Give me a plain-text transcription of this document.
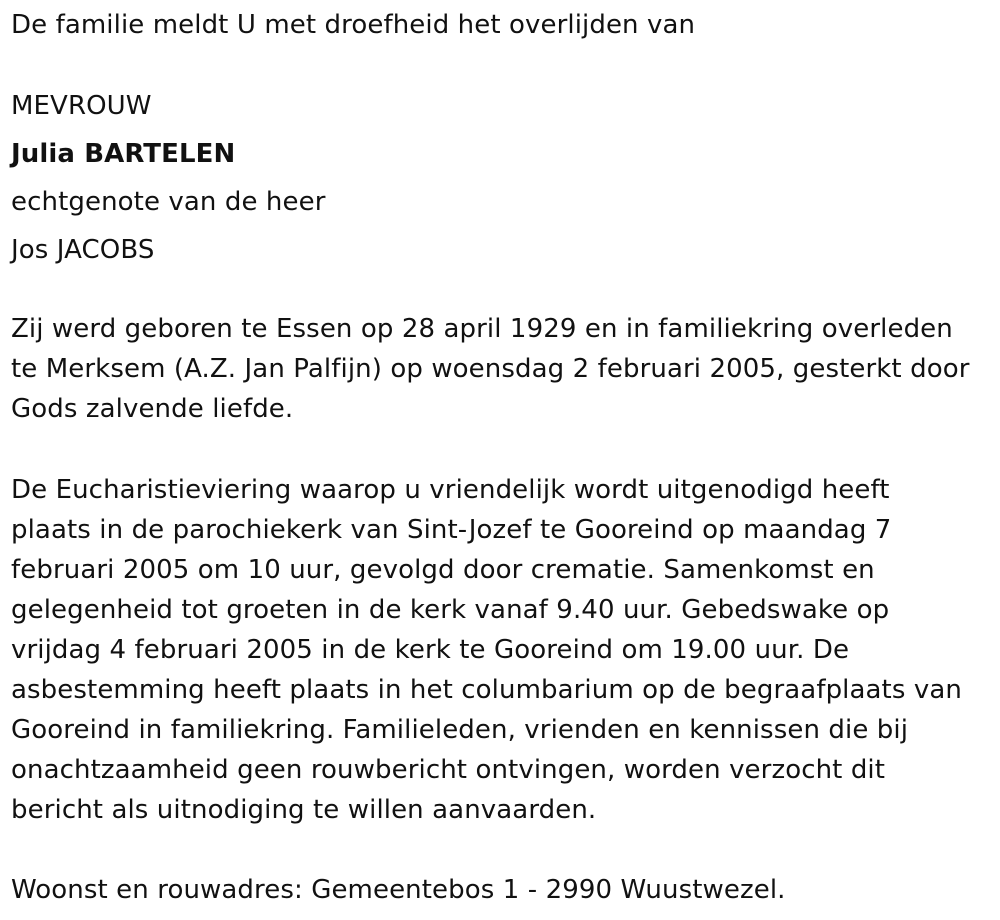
De familie meldt U met droefheid het overlijden van
MEVROUW
Julia BARTELEN
echtgenote van de heer
Jos JACOBS
Zij werd geboren te Essen op 28 april 1929 en in familiekring overleden
te Merksem (A.Z. Jan Palfijn) op woensdag 2 februari 2005, gesterkt door
Gods zalvende liefde.
De Eucharistieviering waarop u vriendelijk wordt uitgenodigd heeft
plaats in de parochiekerk van Sint-Jozef te Gooreind op maandag 7
februari 2005 om 10 uur, gevolgd door crematie. Samenkomst en
gelegenheid tot groeten in de kerk vanaf 9.40 uur. Gebedswake op
vrijdag 4 februari 2005 in de kerk te Gooreind om 19.00 uur. De
asbestemming heeft plaats in het columbarium op de begraafplaats van
Gooreind in familiekring. Familieleden, vrienden en kennissen die bij
onachtzaamheid geen rouwbericht ontvingen, worden verzocht dit
bericht als uitnodiging te willen aanvaarden.
Woonst en rouwadres: Gemeentebos 1 - 2990 Wuustwezel.
